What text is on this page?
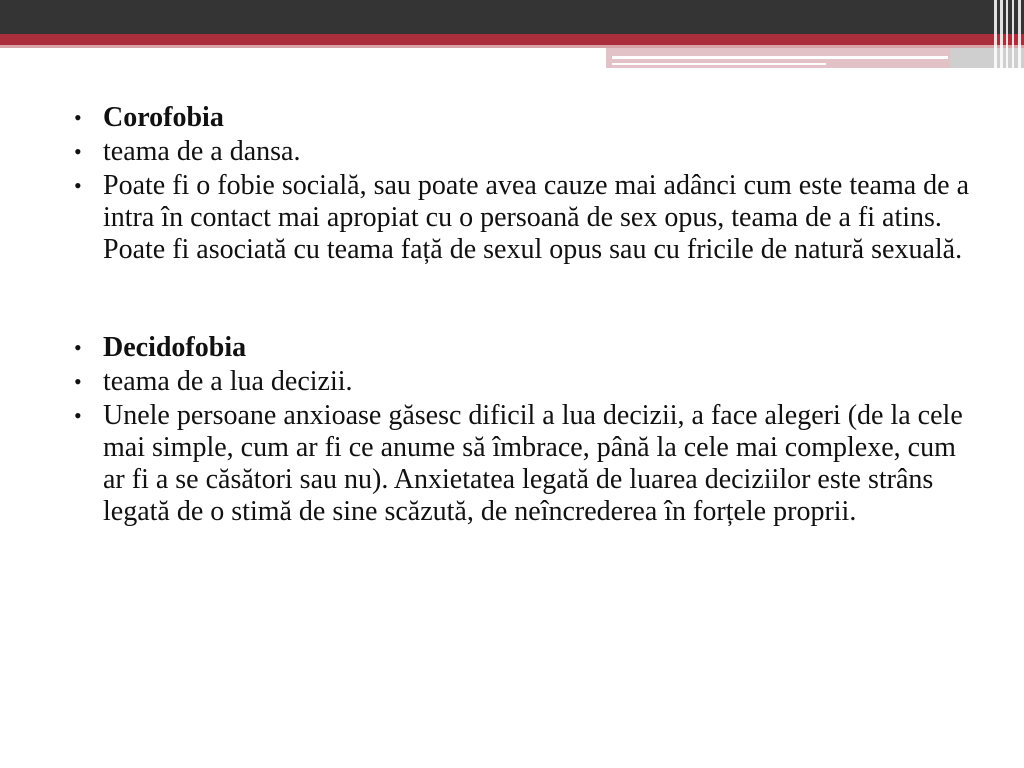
• Corofobia
• teama de a dansa.
• Poate fi o fobie socială, sau poate avea cauze mai adânci cum este teama de a intra în contact mai apropiat cu o persoană de sex opus, teama de a fi atins. Poate fi asociată cu teama față de sexul opus sau cu fricile de natură sexuală.
• Decidofobia
• teama de a lua decizii.
• Unele persoane anxioase găsesc dificil a lua decizii, a face alegeri (de la cele mai simple, cum ar fi ce anume să îmbrace, până la cele mai complexe, cum ar fi a se căsători sau nu). Anxietatea legată de luarea deciziilor este strâns legată de o stimă de sine scăzută, de neîncrederea în forțele proprii.
